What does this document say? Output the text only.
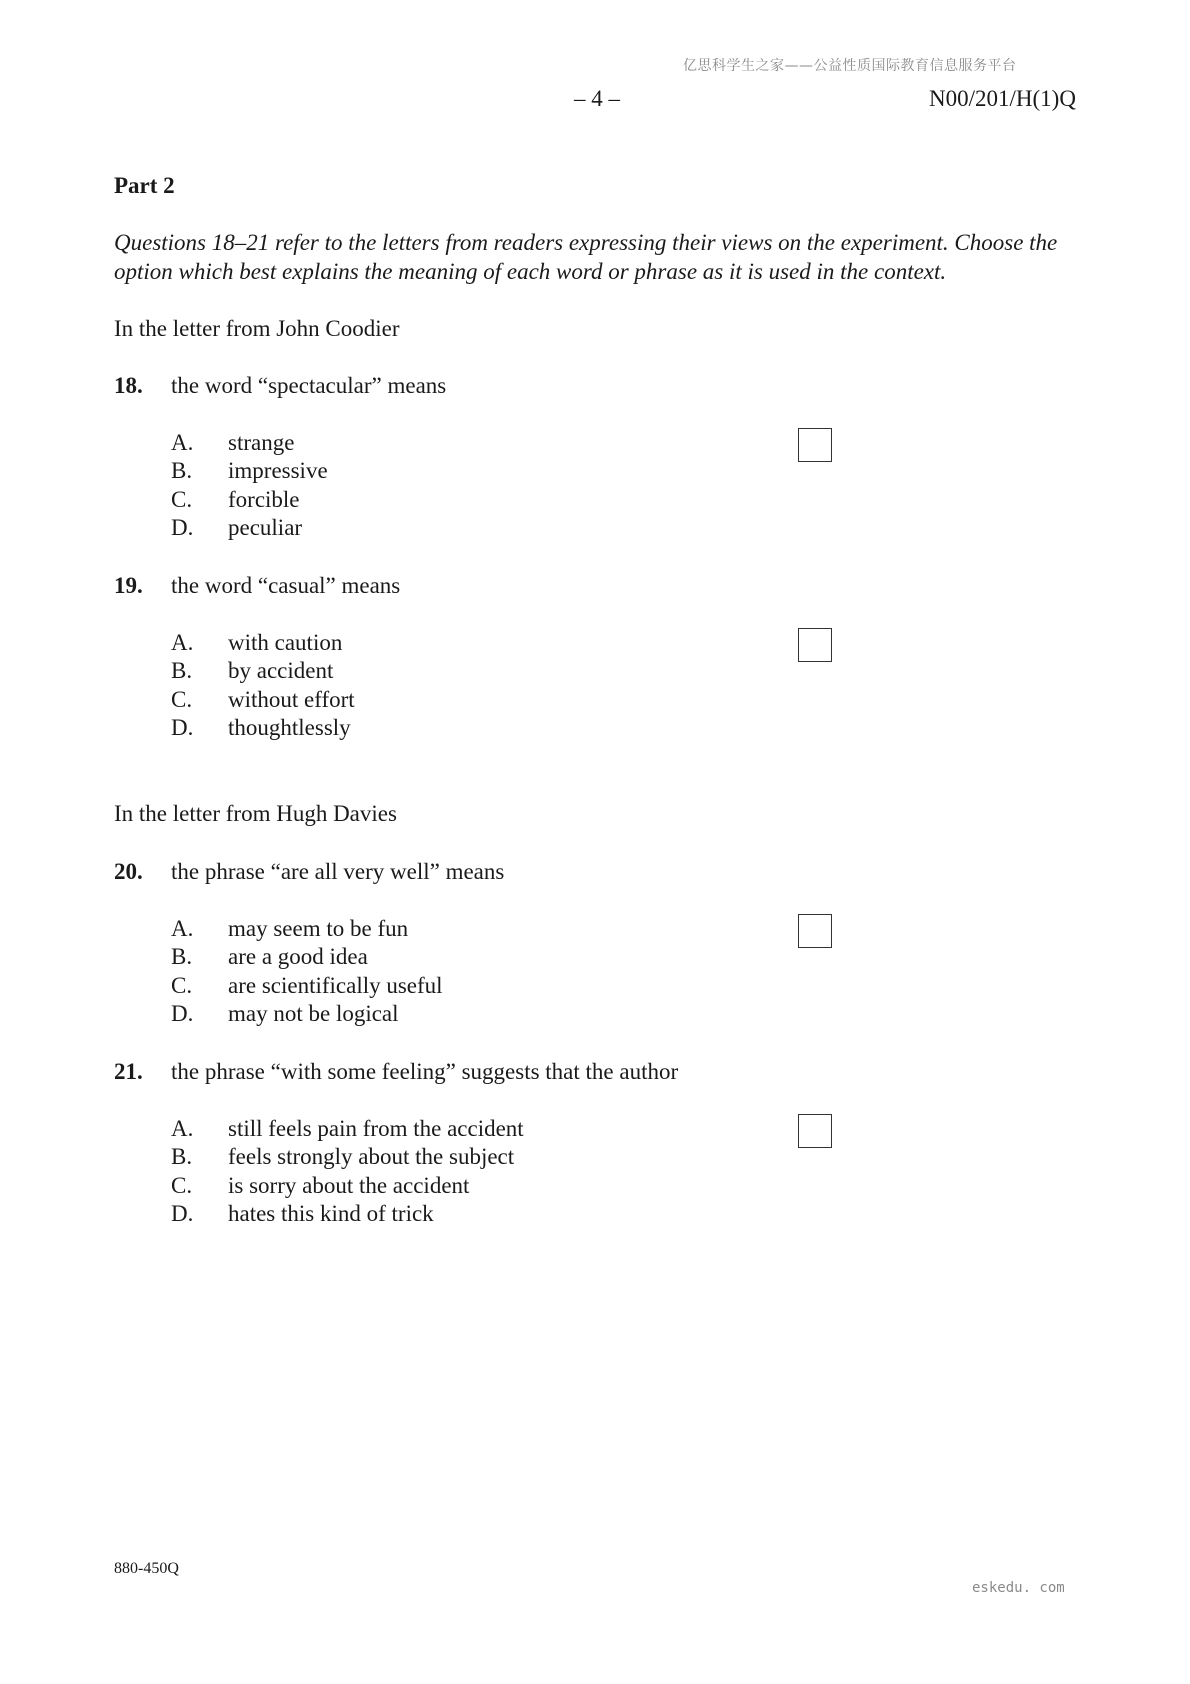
亿思科学生之家——公益性质国际教育信息服务平台
– 4 –	N00/201/H(1)Q
Part 2
Questions 18–21 refer to the letters from readers expressing their views on the experiment. Choose the option which best explains the meaning of each word or phrase as it is used in the context.
In the letter from John Coodier
18. the word “spectacular” means
A. strange
B. impressive
C. forcible
D. peculiar
19. the word “casual” means
A. with caution
B. by accident
C. without effort
D. thoughtlessly
In the letter from Hugh Davies
20. the phrase “are all very well” means
A. may seem to be fun
B. are a good idea
C. are scientifically useful
D. may not be logical
21. the phrase “with some feeling” suggests that the author
A. still feels pain from the accident
B. feels strongly about the subject
C. is sorry about the accident
D. hates this kind of trick
880-450Q
eskedu. com
